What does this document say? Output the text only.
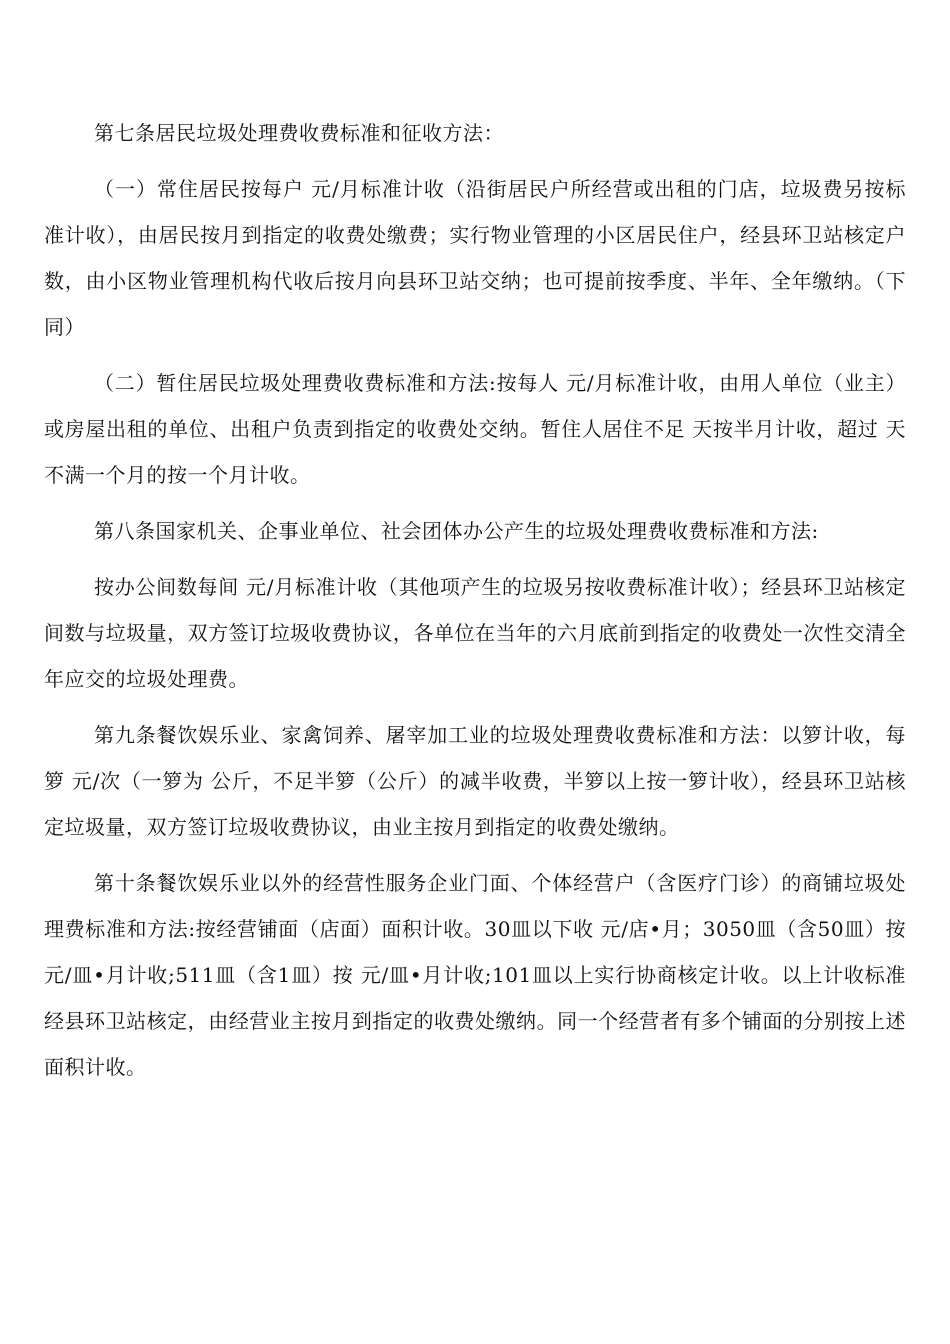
第七条居民垃圾处理费收费标准和征收方法：

（一）常住居民按每户 元/月标准计收（沿街居民户所经营或出租的门店，垃圾费另按标准计收），由居民按月到指定的收费处缴费；实行物业管理的小区居民住户，经县环卫站核定户数，由小区物业管理机构代收后按月向县环卫站交纳；也可提前按季度、半年、全年缴纳。（下同）

（二）暂住居民垃圾处理费收费标准和方法:按每人 元/月标准计收，由用人单位（业主）或房屋出租的单位、出租户负责到指定的收费处交纳。暂住人居住不足 天按半月计收，超过 天不满一个月的按一个月计收。

第八条国家机关、企事业单位、社会团体办公产生的垃圾处理费收费标准和方法:

按办公间数每间 元/月标准计收（其他项产生的垃圾另按收费标准计收）；经县环卫站核定间数与垃圾量，双方签订垃圾收费协议，各单位在当年的六月底前到指定的收费处一次性交清全年应交的垃圾处理费。

第九条餐饮娱乐业、家禽饲养、屠宰加工业的垃圾处理费收费标准和方法：以箩计收，每箩 元/次（一箩为 公斤，不足半箩（公斤）的减半收费，半箩以上按一箩计收），经县环卫站核定垃圾量，双方签订垃圾收费协议，由业主按月到指定的收费处缴纳。

第十条餐饮娱乐业以外的经营性服务企业门面、个体经营户（含医疗门诊）的商铺垃圾处理费标准和方法:按经营铺面（店面）面积计收。30皿以下收 元/店•月；3050皿（含50皿）按 元/皿•月计收;511皿（含1皿）按 元/皿•月计收;101皿以上实行协商核定计收。以上计收标准经县环卫站核定，由经营业主按月到指定的收费处缴纳。同一个经营者有多个铺面的分别按上述面积计收。
